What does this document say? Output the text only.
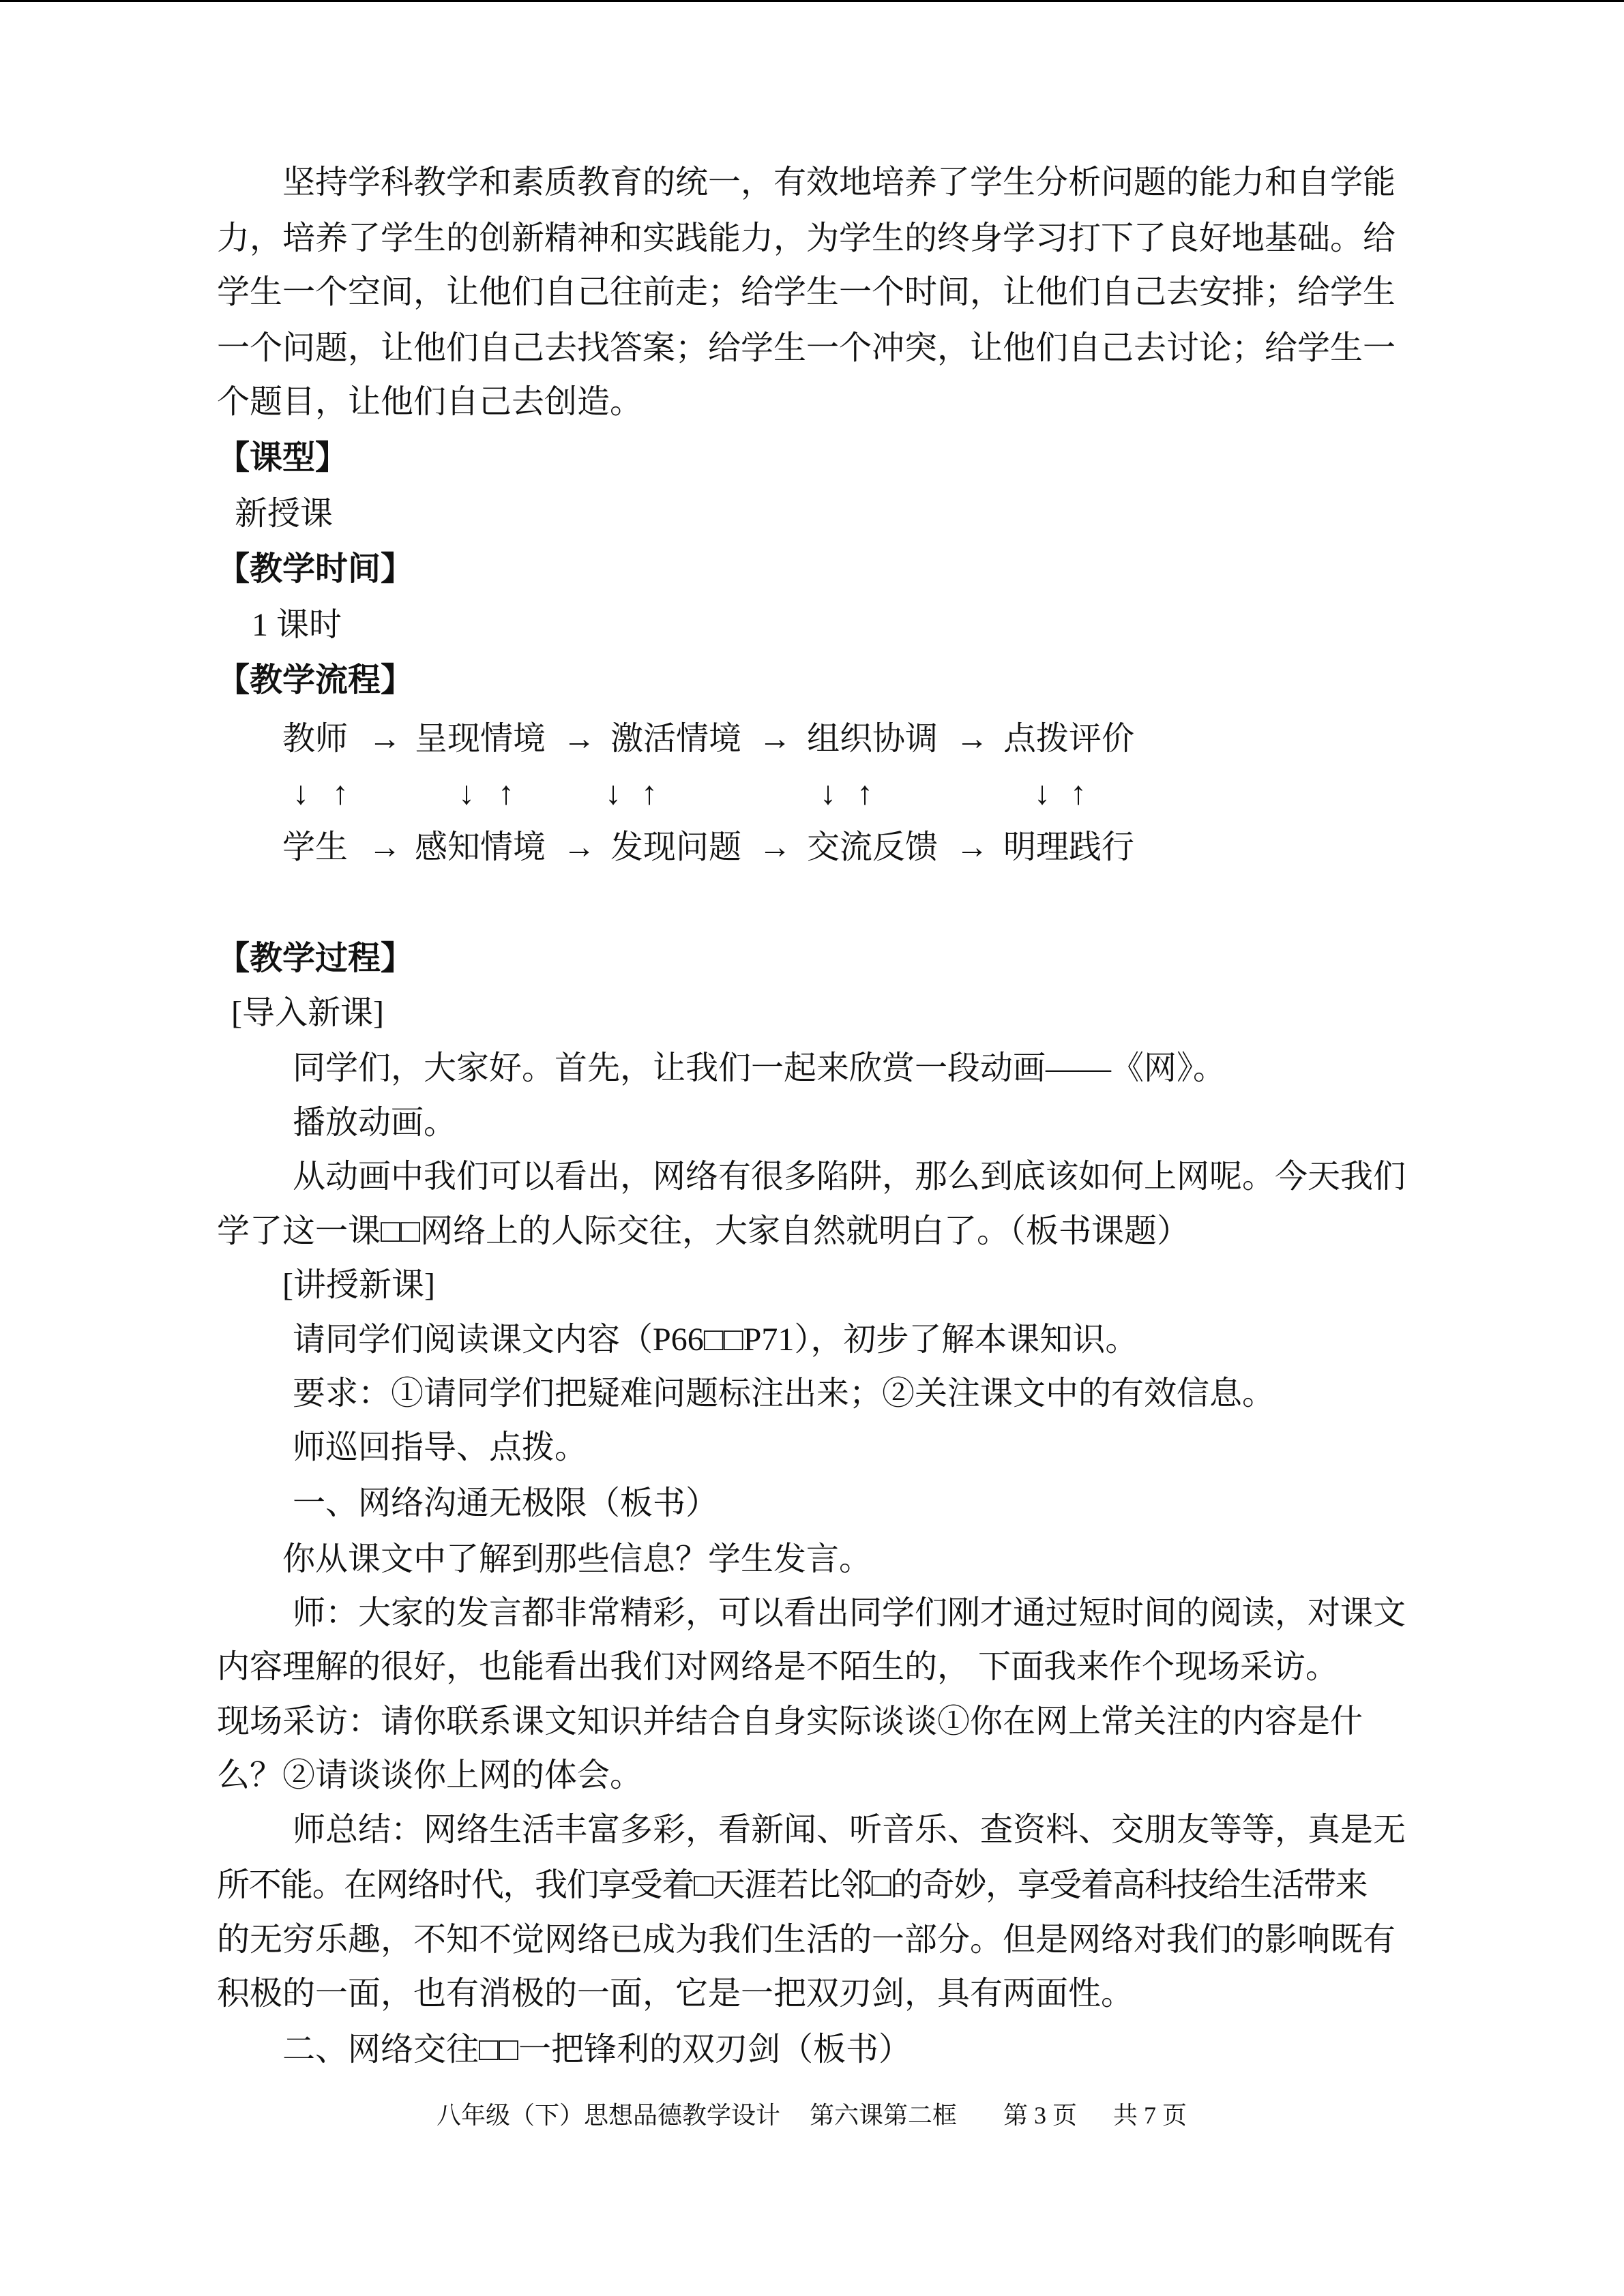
坚持学科教学和素质教育的统一，有效地培养了学生分析问题的能力和自学能
力，培养了学生的创新精神和实践能力，为学生的终身学习打下了良好地基础。给
学生一个空间，让他们自己往前走；给学生一个时间，让他们自己去安排；给学生
一个问题，让他们自己去找答案；给学生一个冲突，让他们自己去讨论；给学生一
个题目，让他们自己去创造。
【课型】
新授课
【教学时间】
1 课时
【教学流程】
教师 → 呈现情境 → 激活情境 → 组织协调 → 点拨评价
↓ ↑	↓ ↑	↓ ↑	↓ ↑	↓ ↑
学生 → 感知情境 → 发现问题 → 交流反馈 → 明理践行
【教学过程】
[导入新课]
同学们，大家好。首先，让我们一起来欣赏一段动画——《网》。
播放动画。
从动画中我们可以看出，网络有很多陷阱，那么到底该如何上网呢。今天我们
学了这一课□□网络上的人际交往，大家自然就明白了。（板书课题）
[讲授新课]
请同学们阅读课文内容（P66□□P71），初步了解本课知识。
要求：①请同学们把疑难问题标注出来；②关注课文中的有效信息。
师巡回指导、点拨。
一、网络沟通无极限（板书）
你从课文中了解到那些信息？学生发言。
师：大家的发言都非常精彩，可以看出同学们刚才通过短时间的阅读，对课文
内容理解的很好，也能看出我们对网络是不陌生的， 下面我来作个现场采访。
现场采访：请你联系课文知识并结合自身实际谈谈①你在网上常关注的内容是什
么？②请谈谈你上网的体会。
师总结：网络生活丰富多彩，看新闻、听音乐、查资料、交朋友等等，真是无
所不能。在网络时代，我们享受着□天涯若比邻□的奇妙，享受着高科技给生活带来
的无穷乐趣，不知不觉网络已成为我们生活的一部分。但是网络对我们的影响既有
积极的一面，也有消极的一面，它是一把双刃剑，具有两面性。
二、网络交往□□一把锋利的双刃剑（板书）
八年级（下）思想品德教学设计 第六课第二框 第 3 页 共 7 页
